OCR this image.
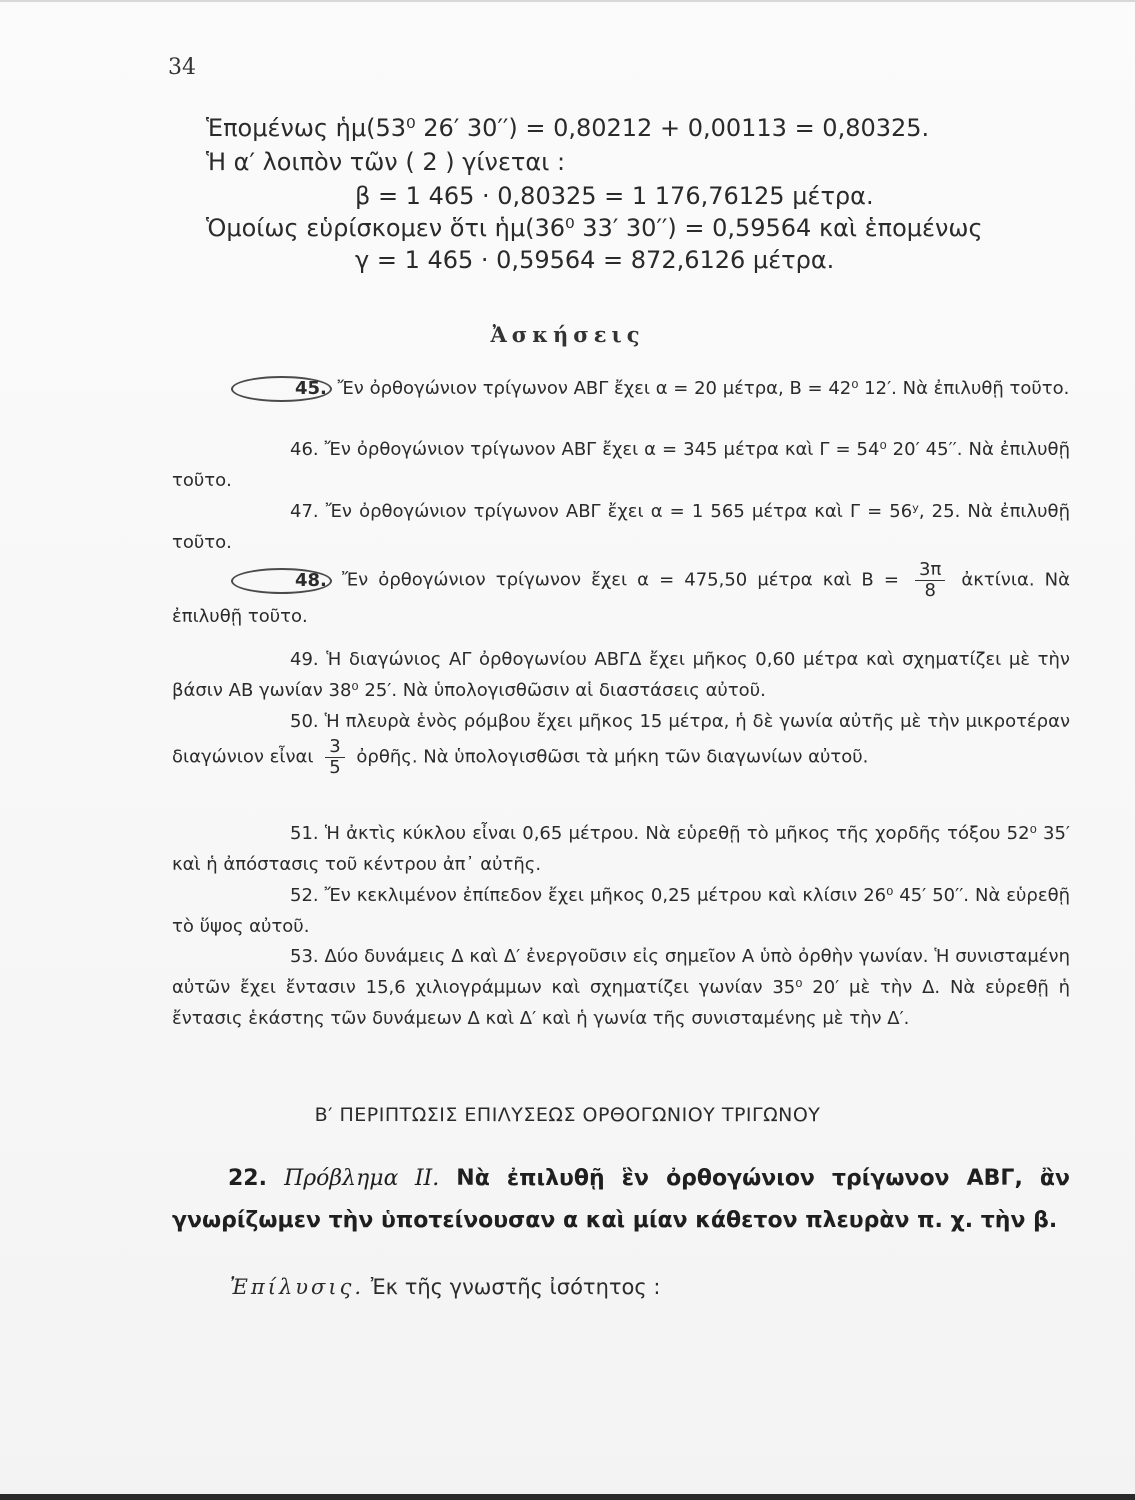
34
Ἑπομένως ἡμ(53⁰ 26′ 30′′) = 0,80212 + 0,00113 = 0,80325.
Ἡ α′ λοιπὸν τῶν ( 2 ) γίνεται :
β = 1 465 · 0,80325 = 1 176,76125 μέτρα.
Ὁμοίως εὑρίσκομεν ὅτι ἡμ(36⁰ 33′ 30′′) = 0,59564 καὶ ἑπομένως
γ = 1 465 · 0,59564 = 872,6126 μέτρα.
Ἀσκήσεις
45. Ἔν ὀρθογώνιον τρίγωνον ΑΒΓ ἔχει α = 20 μέτρα, Β = 42⁰ 12′. Νὰ ἐπιλυθῇ τοῦτο.
46. Ἔν ὀρθογώνιον τρίγωνον ΑΒΓ ἔχει α = 345 μέτρα καὶ Γ = 54⁰ 20′ 45′′. Νὰ ἐπιλυθῇ τοῦτο.
47. Ἔν ὀρθογώνιον τρίγωνον ΑΒΓ ἔχει α = 1 565 μέτρα καὶ Γ = 56ʸ, 25. Νὰ ἐπιλυθῇ τοῦτο.
48. Ἔν ὀρθογώνιον τρίγωνον ἔχει α = 475,50 μέτρα καὶ $B = \frac{3\pi}{8}$ ἀκτίνια. Νὰ ἐπιλυθῇ τοῦτο.
49. Ἡ διαγώνιος ΑΓ ὀρθογωνίου ΑΒΓΔ ἔχει μῆκος 0,60 μέτρα καὶ σχηματίζει μὲ τὴν βάσιν ΑΒ γωνίαν 38⁰ 25′. Νὰ ὑπολογισθῶσιν αἱ διαστάσεις αὐτοῦ.
50. Ἡ πλευρὰ ἑνὸς ρόμβου ἔχει μῆκος 15 μέτρα, ἡ δὲ γωνία αὐτῆς μὲ τὴν μικροτέραν διαγώνιον εἶναι $\frac{3}{5}$ ὀρθῆς. Νὰ ὑπολογισθῶσι τὰ μήκη τῶν διαγωνίων αὐτοῦ.
51. Ἡ ἀκτὶς κύκλου εἶναι 0,65 μέτρου. Νὰ εὑρεθῇ τὸ μῆκος τῆς χορδῆς τόξου 52⁰ 35′ καὶ ἡ ἀπόστασις τοῦ κέντρου ἀπ᾽ αὐτῆς.
52. Ἔν κεκλιμένον ἐπίπεδον ἔχει μῆκος 0,25 μέτρου καὶ κλίσιν 26⁰ 45′ 50′′. Νὰ εὑρεθῇ τὸ ὕψος αὐτοῦ.
53. Δύο δυνάμεις Δ καὶ Δ′ ἐνεργοῦσιν εἰς σημεῖον Α ὑπὸ ὀρθὴν γωνίαν. Ἡ συνισταμένη αὐτῶν ἔχει ἔντασιν 15,6 χιλιογράμμων καὶ σχηματίζει γωνίαν 35⁰ 20′ μὲ τὴν Δ. Νὰ εὑρεθῇ ἡ ἔντασις ἑκάστης τῶν δυνάμεων Δ καὶ Δ′ καὶ ἡ γωνία τῆς συνισταμένης μὲ τὴν Δ′.
Β′ ΠΕΡΙΠΤΩΣΙΣ ΕΠΙΛΥΣΕΩΣ ΟΡΘΟΓΩΝΙΟΥ ΤΡΙΓΩΝΟΥ
22. Πρόβλημα ΙΙ. Νὰ ἐπιλυθῇ ἓν ὀρθογώνιον τρίγωνον ΑΒΓ, ἂν γνωρίζωμεν τὴν ὑποτείνουσαν α καὶ μίαν κάθετον πλευρὰν π. χ. τὴν β.
Ἐπίλυσις. Ἐκ τῆς γνωστῆς ἰσότητος :
